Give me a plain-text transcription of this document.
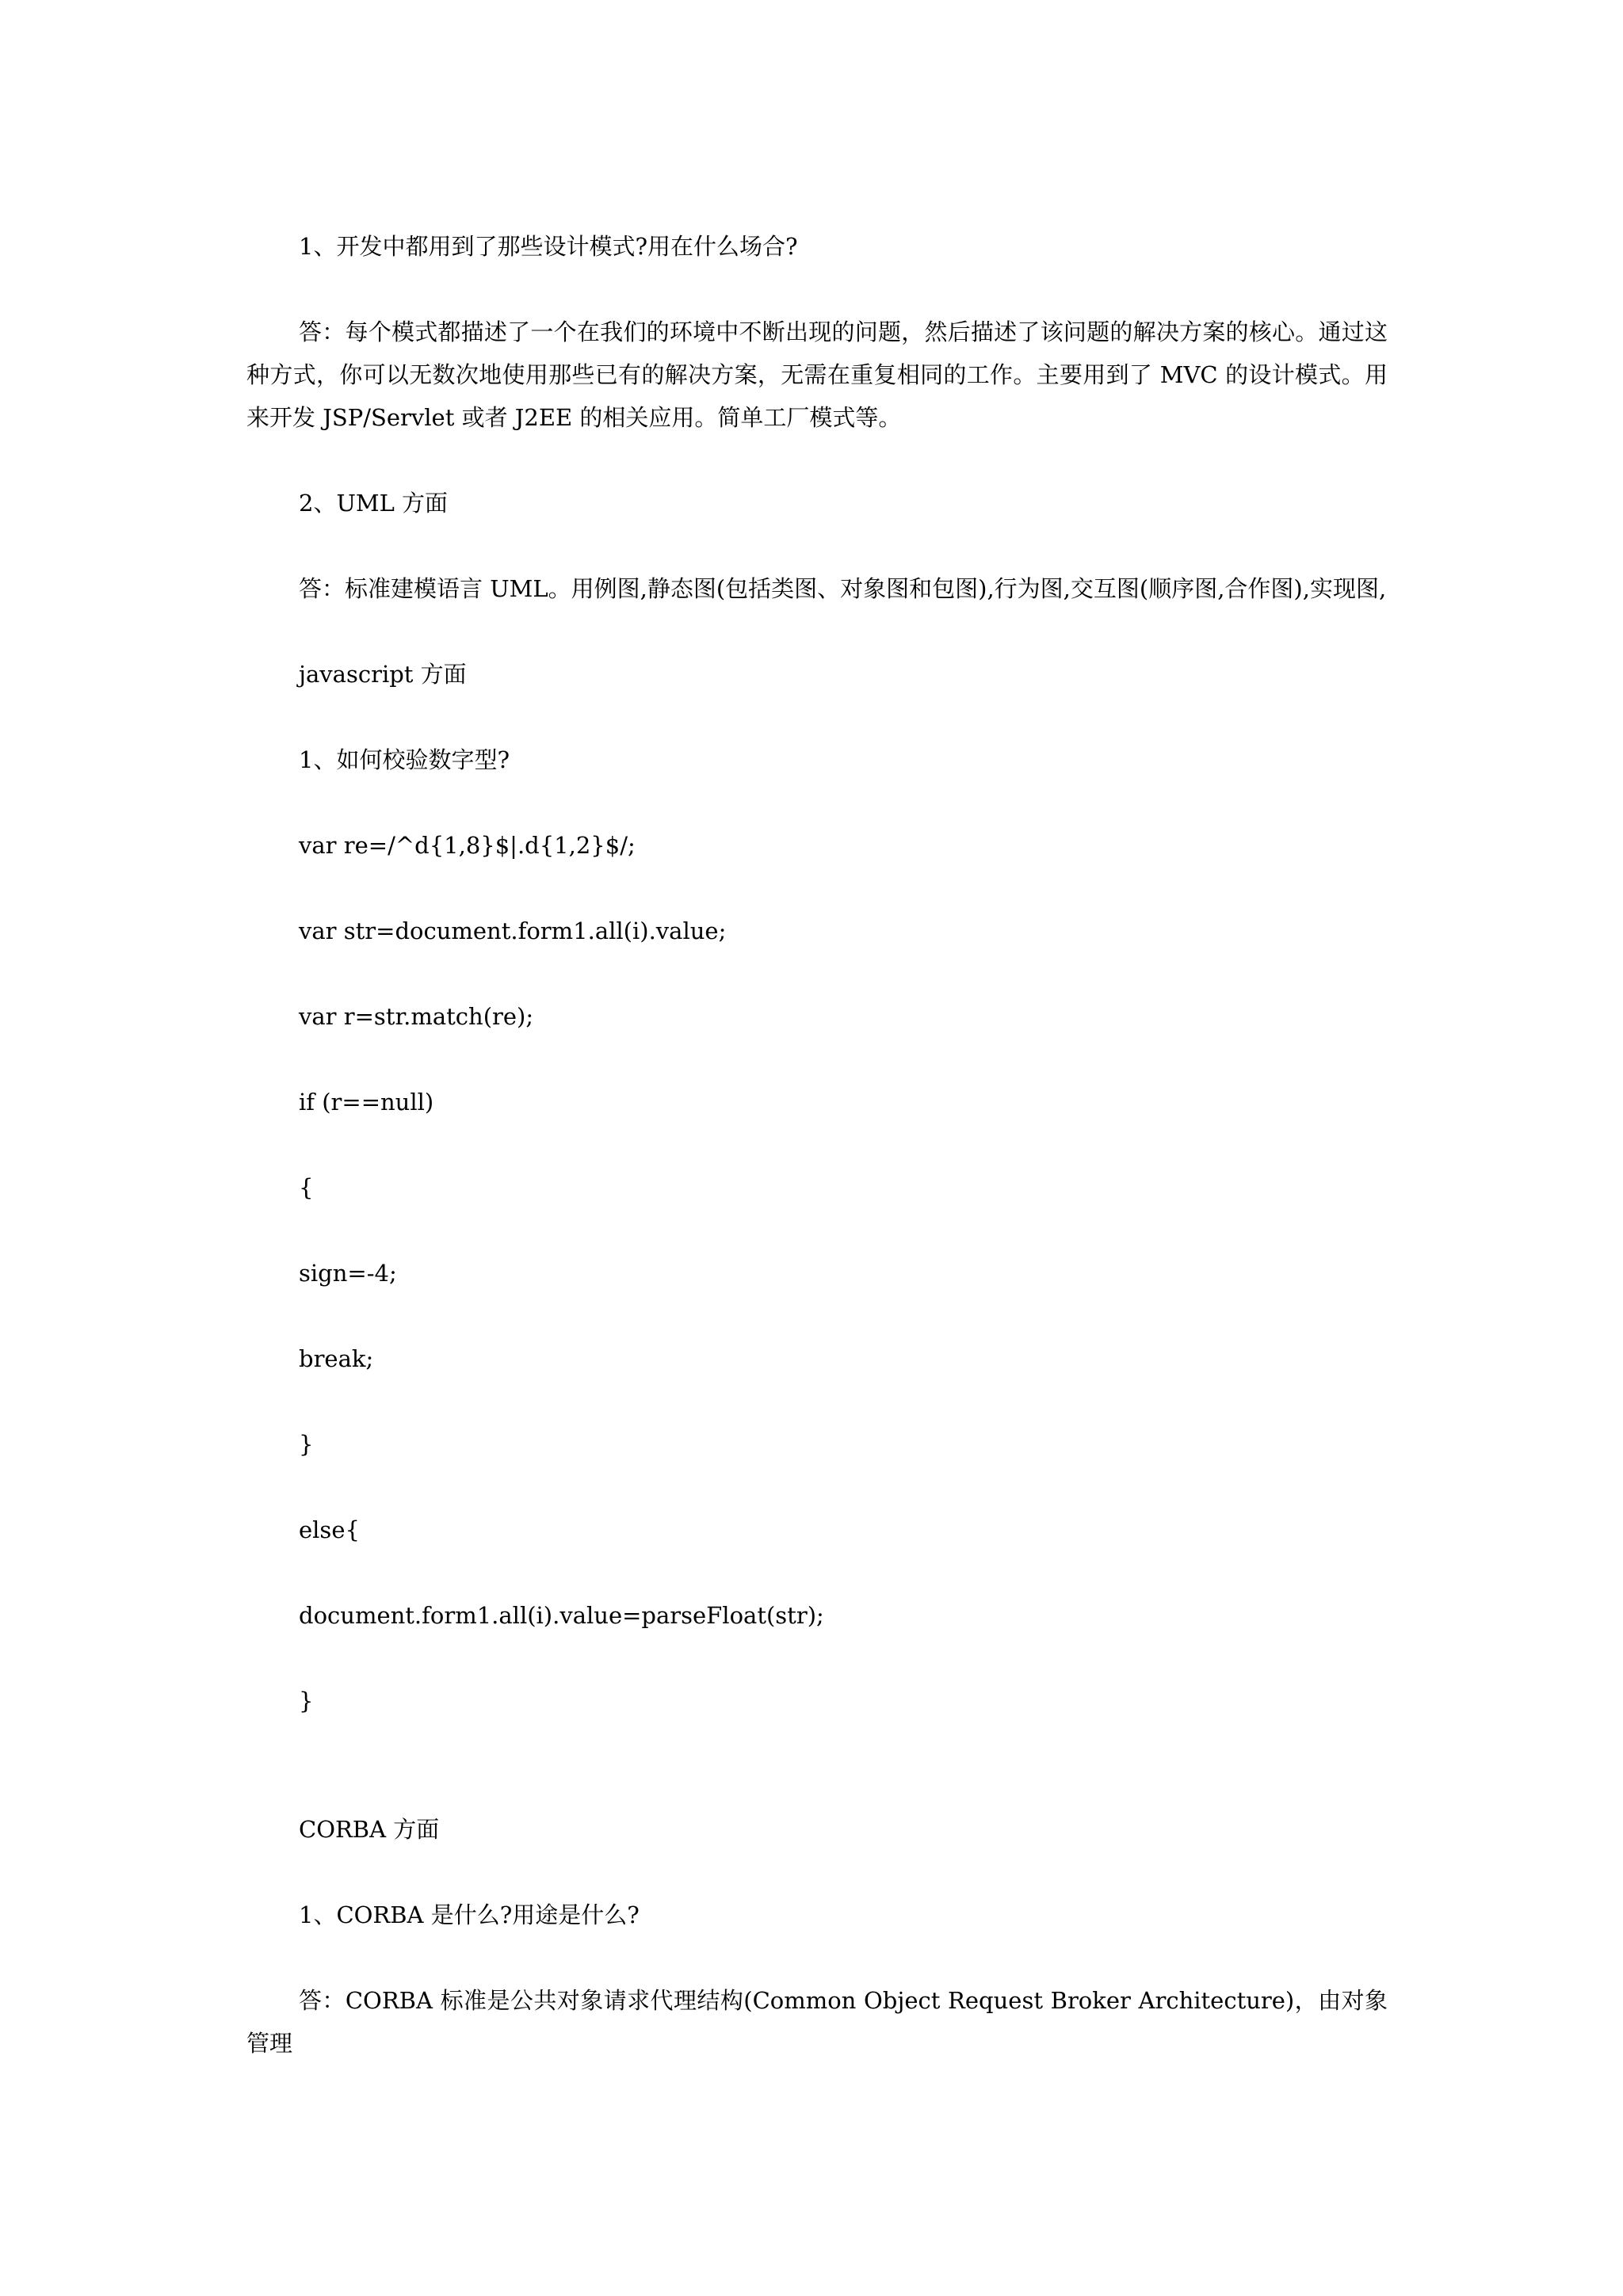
1、开发中都用到了那些设计模式?用在什么场合?

答：每个模式都描述了一个在我们的环境中不断出现的问题，然后描述了该问题的解决方案的核心。通过这种方式，你可以无数次地使用那些已有的解决方案，无需在重复相同的工作。主要用到了 MVC 的设计模式。用来开发 JSP/Servlet 或者 J2EE 的相关应用。简单工厂模式等。

2、UML 方面

答：标准建模语言 UML。用例图,静态图(包括类图、对象图和包图),行为图,交互图(顺序图,合作图),实现图,

javascript 方面

1、如何校验数字型?

var re=/^d{1,8}$|.d{1,2}$/;

var str=document.form1.all(i).value;

var r=str.match(re);

if (r==null)

{

sign=-4;

break;

}

else{

document.form1.all(i).value=parseFloat(str);

}

CORBA 方面

1、CORBA 是什么?用途是什么?

答：CORBA 标准是公共对象请求代理结构(Common Object Request Broker Architecture)，由对象管理
